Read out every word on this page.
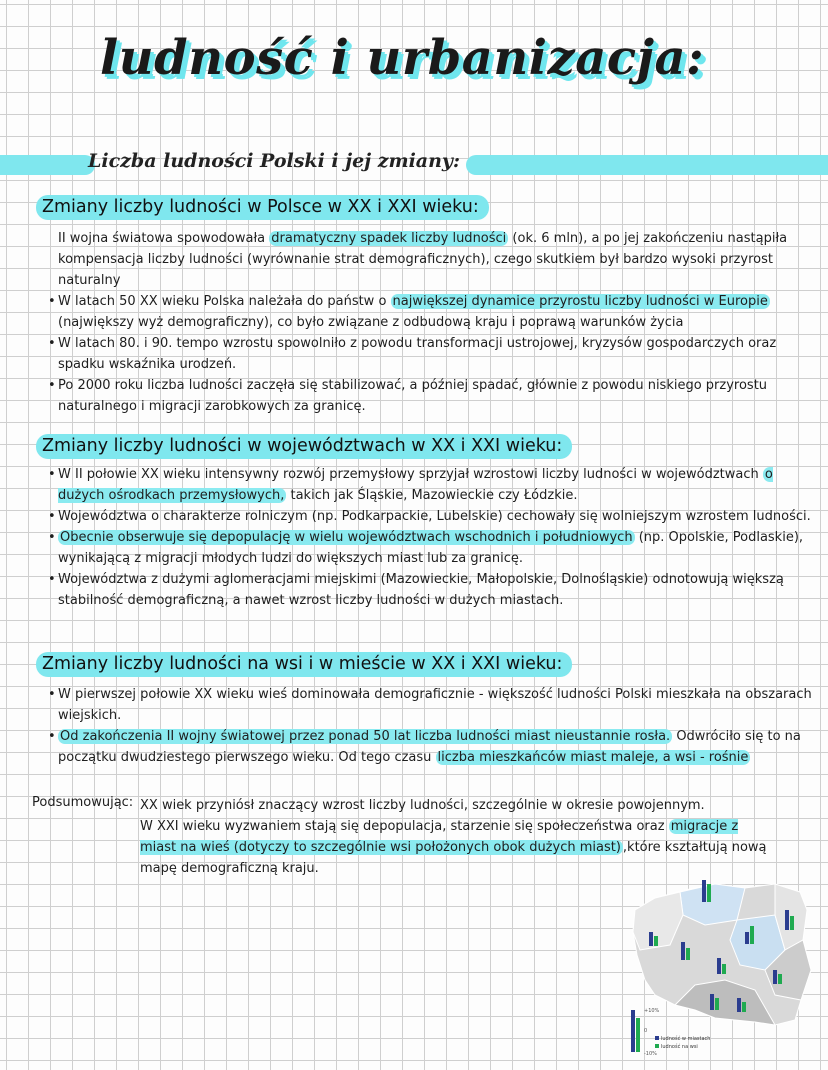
ludność i urbanizacja:
Liczba ludności Polski i jej zmiany:
Zmiany liczby ludności w Polsce w XX i XXI wieku:

II wojna światowa spowodowała dramatyczny spadek liczby ludności (ok. 6 mln), a po jej zakończeniu nastąpiła kompensacja liczby ludności (wyrównanie strat demograficznych), czego skutkiem był bardzo wysoki przyrost naturalny

• W latach 50 XX wieku Polska należała do państw o największej dynamice przyrostu liczby ludności w Europie (największy wyż demograficzny), co było związane z odbudową kraju i poprawą warunków życia

• W latach 80. i 90. tempo wzrostu spowolniło z powodu transformacji ustrojowej, kryzysów gospodarczych oraz spadku wskaźnika urodzeń.

• Po 2000 roku liczba ludności zaczęła się stabilizować, a później spadać, głównie z powodu niskiego przyrostu naturalnego i migracji zarobkowych za granicę.

Zmiany liczby ludności w województwach w XX i XXI wieku:

• W II połowie XX wieku intensywny rozwój przemysłowy sprzyjał wzrostowi liczby ludności w województwach o dużych ośrodkach przemysłowych, takich jak Śląskie, Mazowieckie czy Łódzkie.

• Województwa o charakterze rolniczym (np. Podkarpackie, Lubelskie) cechowały się wolniejszym wzrostem ludności.

• Obecnie obserwuje się depopulację w wielu województwach wschodnich i południowych (np. Opolskie, Podlaskie), wynikającą z migracji młodych ludzi do większych miast lub za granicę.

• Województwa z dużymi aglomeracjami miejskimi (Mazowieckie, Małopolskie, Dolnośląskie) odnotowują większą stabilność demograficzną, a nawet wzrost liczby ludności w dużych miastach.

Zmiany liczby ludności na wsi i w mieście w XX i XXI wieku:

• W pierwszej połowie XX wieku wieś dominowała demograficznie - większość ludności Polski mieszkała na obszarach wiejskich.

• Od zakończenia II wojny światowej przez ponad 50 lat liczba ludności miast nieustannie rosła. Odwróciło się to na początku dwudziestego pierwszego wieku. Od tego czasu liczba mieszkańców miast maleje, a wsi - rośnie

Podsumowując: XX wiek przyniósł znaczący wzrost liczby ludności, szczególnie w okresie powojennym.
W XXI wieku wyzwaniem stają się depopulacja, starzenie się społeczeństwa oraz migracje z miast na wieś (dotyczy to szczególnie wsi położonych obok dużych miast) ,które kształtują nową mapę demograficzną kraju.
+10%
0
-10%
ludność w miastach
ludność na wsi
